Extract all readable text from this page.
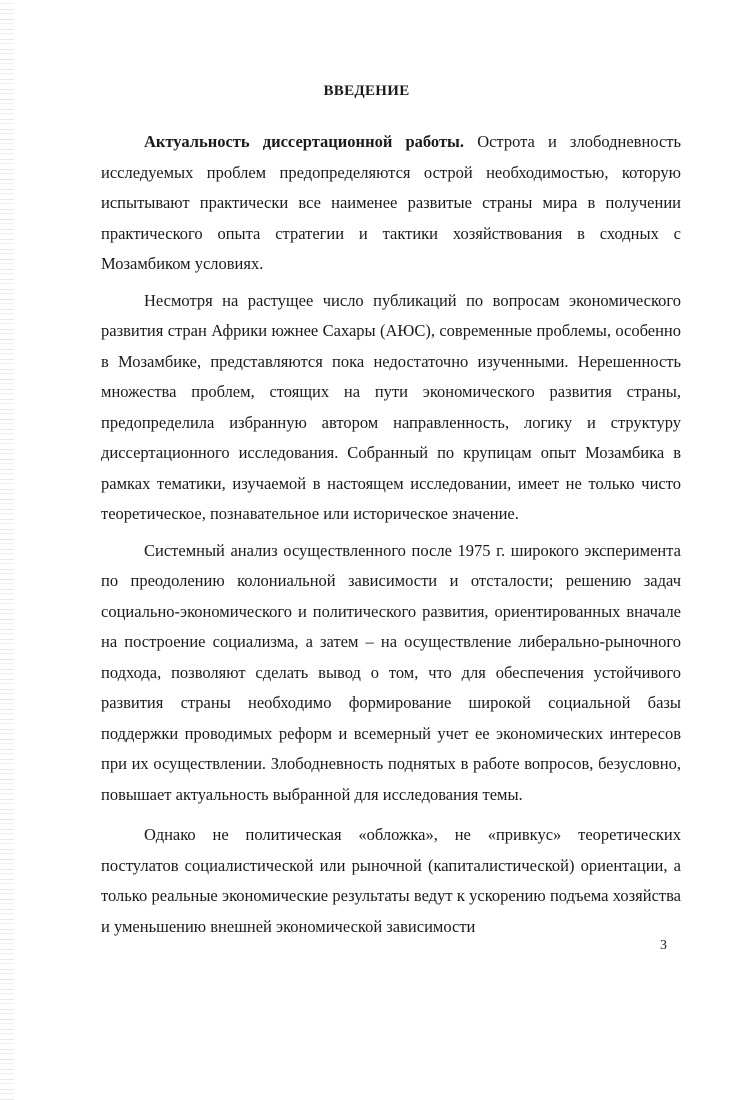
ВВЕДЕНИЕ

Актуальность диссертационной работы. Острота и злободневность исследуемых проблем предопределяются острой необходимостью, которую испытывают практически все наименее развитые страны мира в получении практического опыта стратегии и тактики хозяйствования в сходных с Мозамбиком условиях.

Несмотря на растущее число публикаций по вопросам экономического развития стран Африки южнее Сахары (АЮС), современные проблемы, особенно в Мозамбике, представляются пока недостаточно изученными. Нерешенность множества проблем, стоящих на пути экономического развития страны, предопределила избранную автором направленность, логику и структуру диссертационного исследования. Собранный по крупицам опыт Мозамбика в рамках тематики, изучаемой в настоящем исследовании, имеет не только чисто теоретическое, познавательное или историческое значение.

Системный анализ осуществленного после 1975 г. широкого эксперимента по преодолению колониальной зависимости и отсталости; решению задач социально-экономического и политического развития, ориентированных вначале на построение социализма, а затем – на осуществление либерально-рыночного подхода, позволяют сделать вывод о том, что для обеспечения устойчивого развития страны необходимо формирование широкой социальной базы поддержки проводимых реформ и всемерный учет ее экономических интересов при их осуществлении. Злободневность поднятых в работе вопросов, безусловно, повышает актуальность выбранной для исследования темы.

Однако не политическая «обложка», не «привкус» теоретических постулатов социалистической или рыночной (капиталистической) ориентации, а только реальные экономические результаты ведут к ускорению подъема хозяйства и уменьшению внешней экономической зависимости

3
